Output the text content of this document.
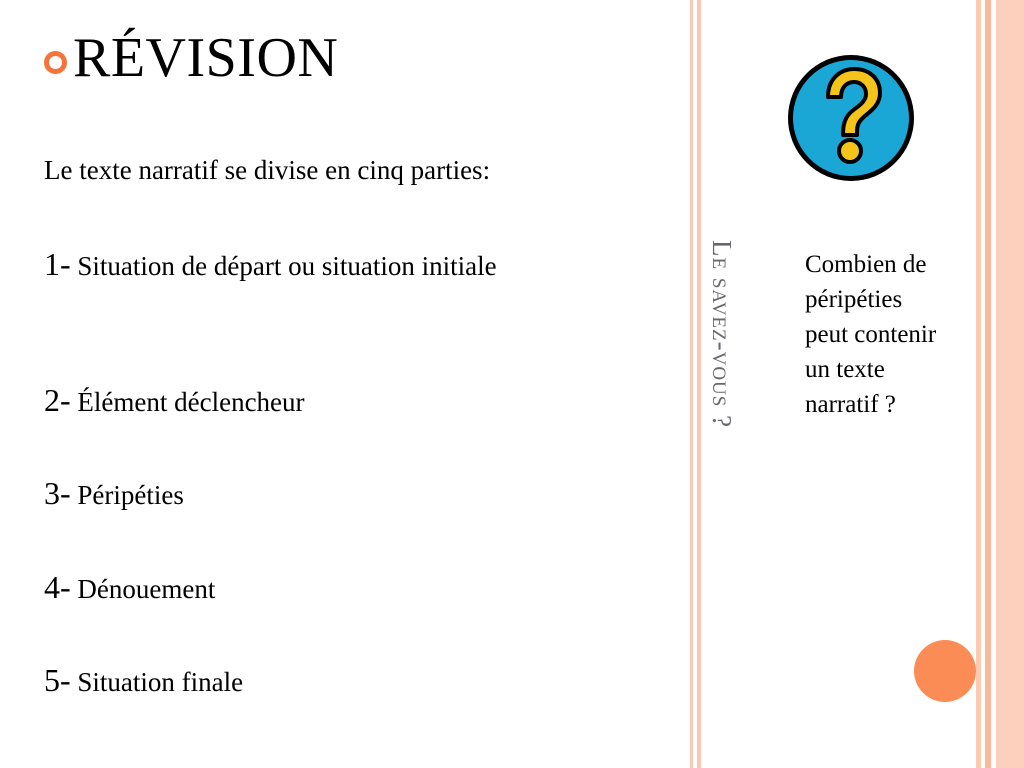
RÉVISION
Le texte narratif se divise en cinq parties:
1- Situation de départ ou situation initiale
2- Élément déclencheur
3- Péripéties
4- Dénouement
5- Situation finale
Le savez-vous ?	Combien de péripéties peut contenir un texte narratif ?
